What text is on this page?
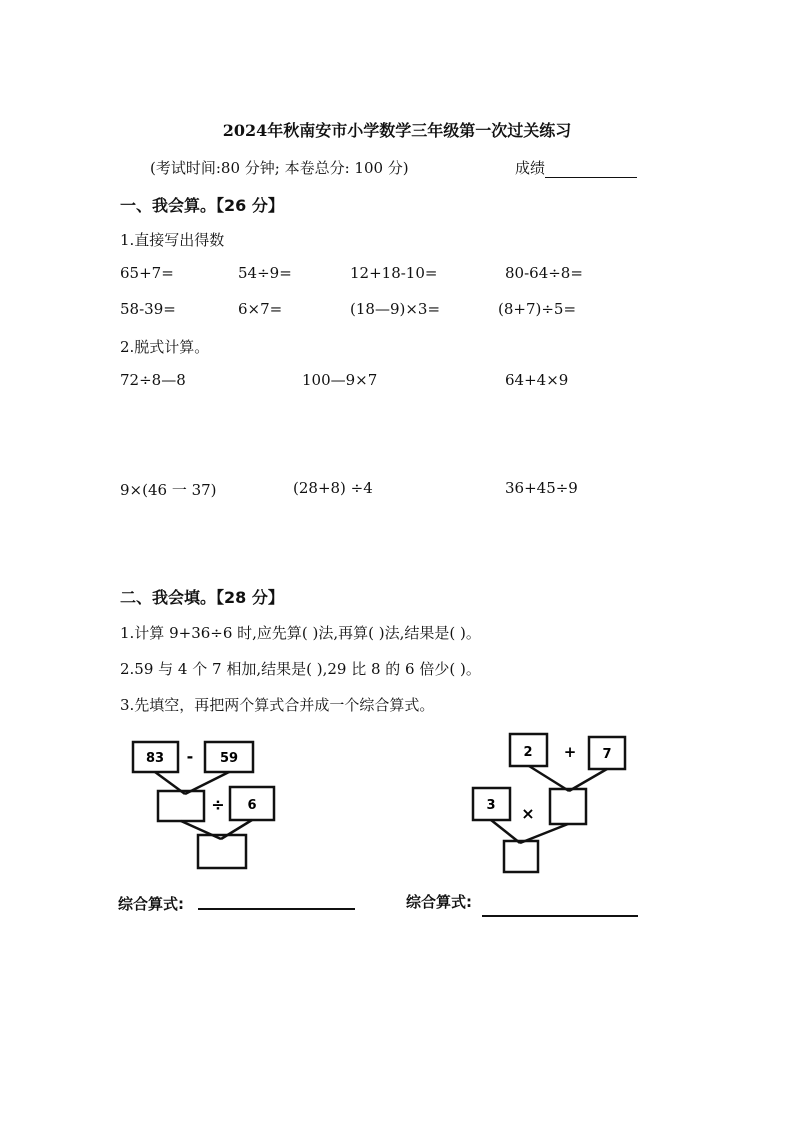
2024年秋南安市小学数学三年级第一次过关练习
(考试时间:80 分钟; 本卷总分: 100 分)	成绩
一、我会算。【26 分】
1.直接写出得数
65+7=	54÷9=	12+18-10=	80-64÷8=
58-39=	6×7=	(18—9)×3=	(8+7)÷5=
2.脱式计算。
72÷8—8	100—9×7	64+4×9
9×(46 一 37)	(28+8) ÷4	36+45÷9
二、我会填。【28 分】
1.计算 9+36÷6 时,应先算( )法,再算( )法,结果是( )。
2.59 与 4 个 7 相加,结果是( ),29 比 8 的 6 倍少( )。
3.先填空，再把两个算式合并成一个综合算式。
83 - 59
÷ 6
2 + 7
3 ×
综合算式:	综合算式:
